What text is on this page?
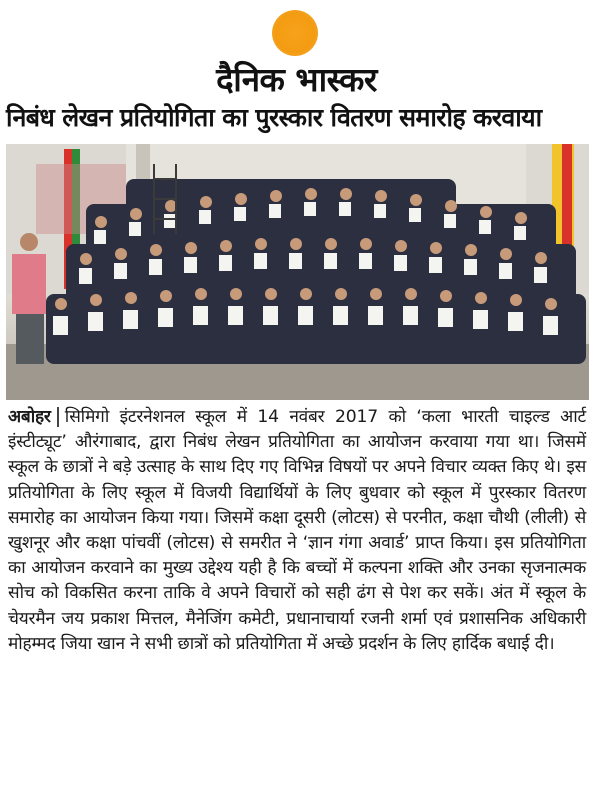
दैनिक भास्कर
निबंध लेखन प्रतियोगिता का पुरस्कार वितरण समारोह करवाया
अबोहर सिमिगो इंटरनेशनल स्कूल में 14 नवंबर 2017 को ‘कला भारती चाइल्ड आर्ट इंस्टीट्यूट’ औरंगाबाद, द्वारा निबंध लेखन प्रतियोगिता का आयोजन करवाया गया था। जिसमें स्कूल के छात्रों ने बड़े उत्साह के साथ दिए गए विभिन्न विषयों पर अपने विचार व्यक्त किए थे। इस प्रतियोगिता के लिए स्कूल में विजयी विद्यार्थियों के लिए बुधवार को स्कूल में पुरस्कार वितरण समारोह का आयोजन किया गया। जिसमें कक्षा दूसरी (लोटस) से परनीत, कक्षा चौथी (लीली) से खुशनूर और कक्षा पांचवीं (लोटस) से समरीत ने ‘ज्ञान गंगा अवार्ड’ प्राप्त किया। इस प्रतियोगिता का आयोजन करवाने का मुख्य उद्देश्य यही है कि बच्चों में कल्पना शक्ति और उनका सृजनात्मक सोच को विकसित करना ताकि वे अपने विचारों को सही ढंग से पेश कर सकें। अंत में स्कूल के चेयरमैन जय प्रकाश मित्तल, मैनेजिंग कमेटी, प्रधानाचार्या रजनी शर्मा एवं प्रशासनिक अधिकारी मोहम्मद जिया खान ने सभी छात्रों को प्रतियोगिता में अच्छे प्रदर्शन के लिए हार्दिक बधाई दी।
